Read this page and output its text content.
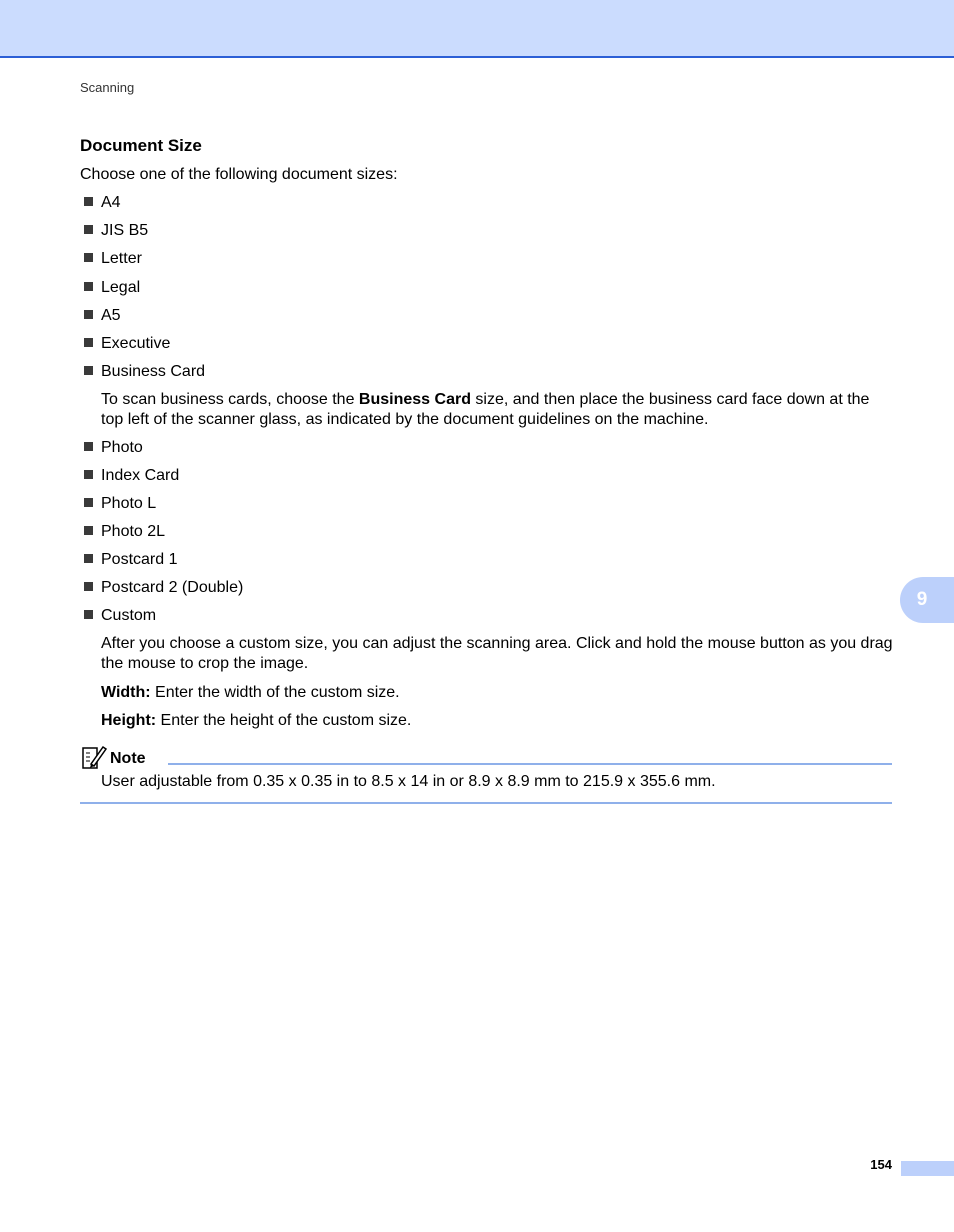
Scanning
Document Size
Choose one of the following document sizes:
A4
JIS B5
Letter
Legal
A5
Executive
Business Card
To scan business cards, choose the Business Card size, and then place the business card face down at the top left of the scanner glass, as indicated by the document guidelines on the machine.
Photo
Index Card
Photo L
Photo 2L
Postcard 1
Postcard 2 (Double)
Custom
After you choose a custom size, you can adjust the scanning area. Click and hold the mouse button as you drag the mouse to crop the image.
Width: Enter the width of the custom size.
Height: Enter the height of the custom size.
Note
User adjustable from 0.35 x 0.35 in to 8.5 x 14 in or 8.9 x 8.9 mm to 215.9 x 355.6 mm.
9
154
